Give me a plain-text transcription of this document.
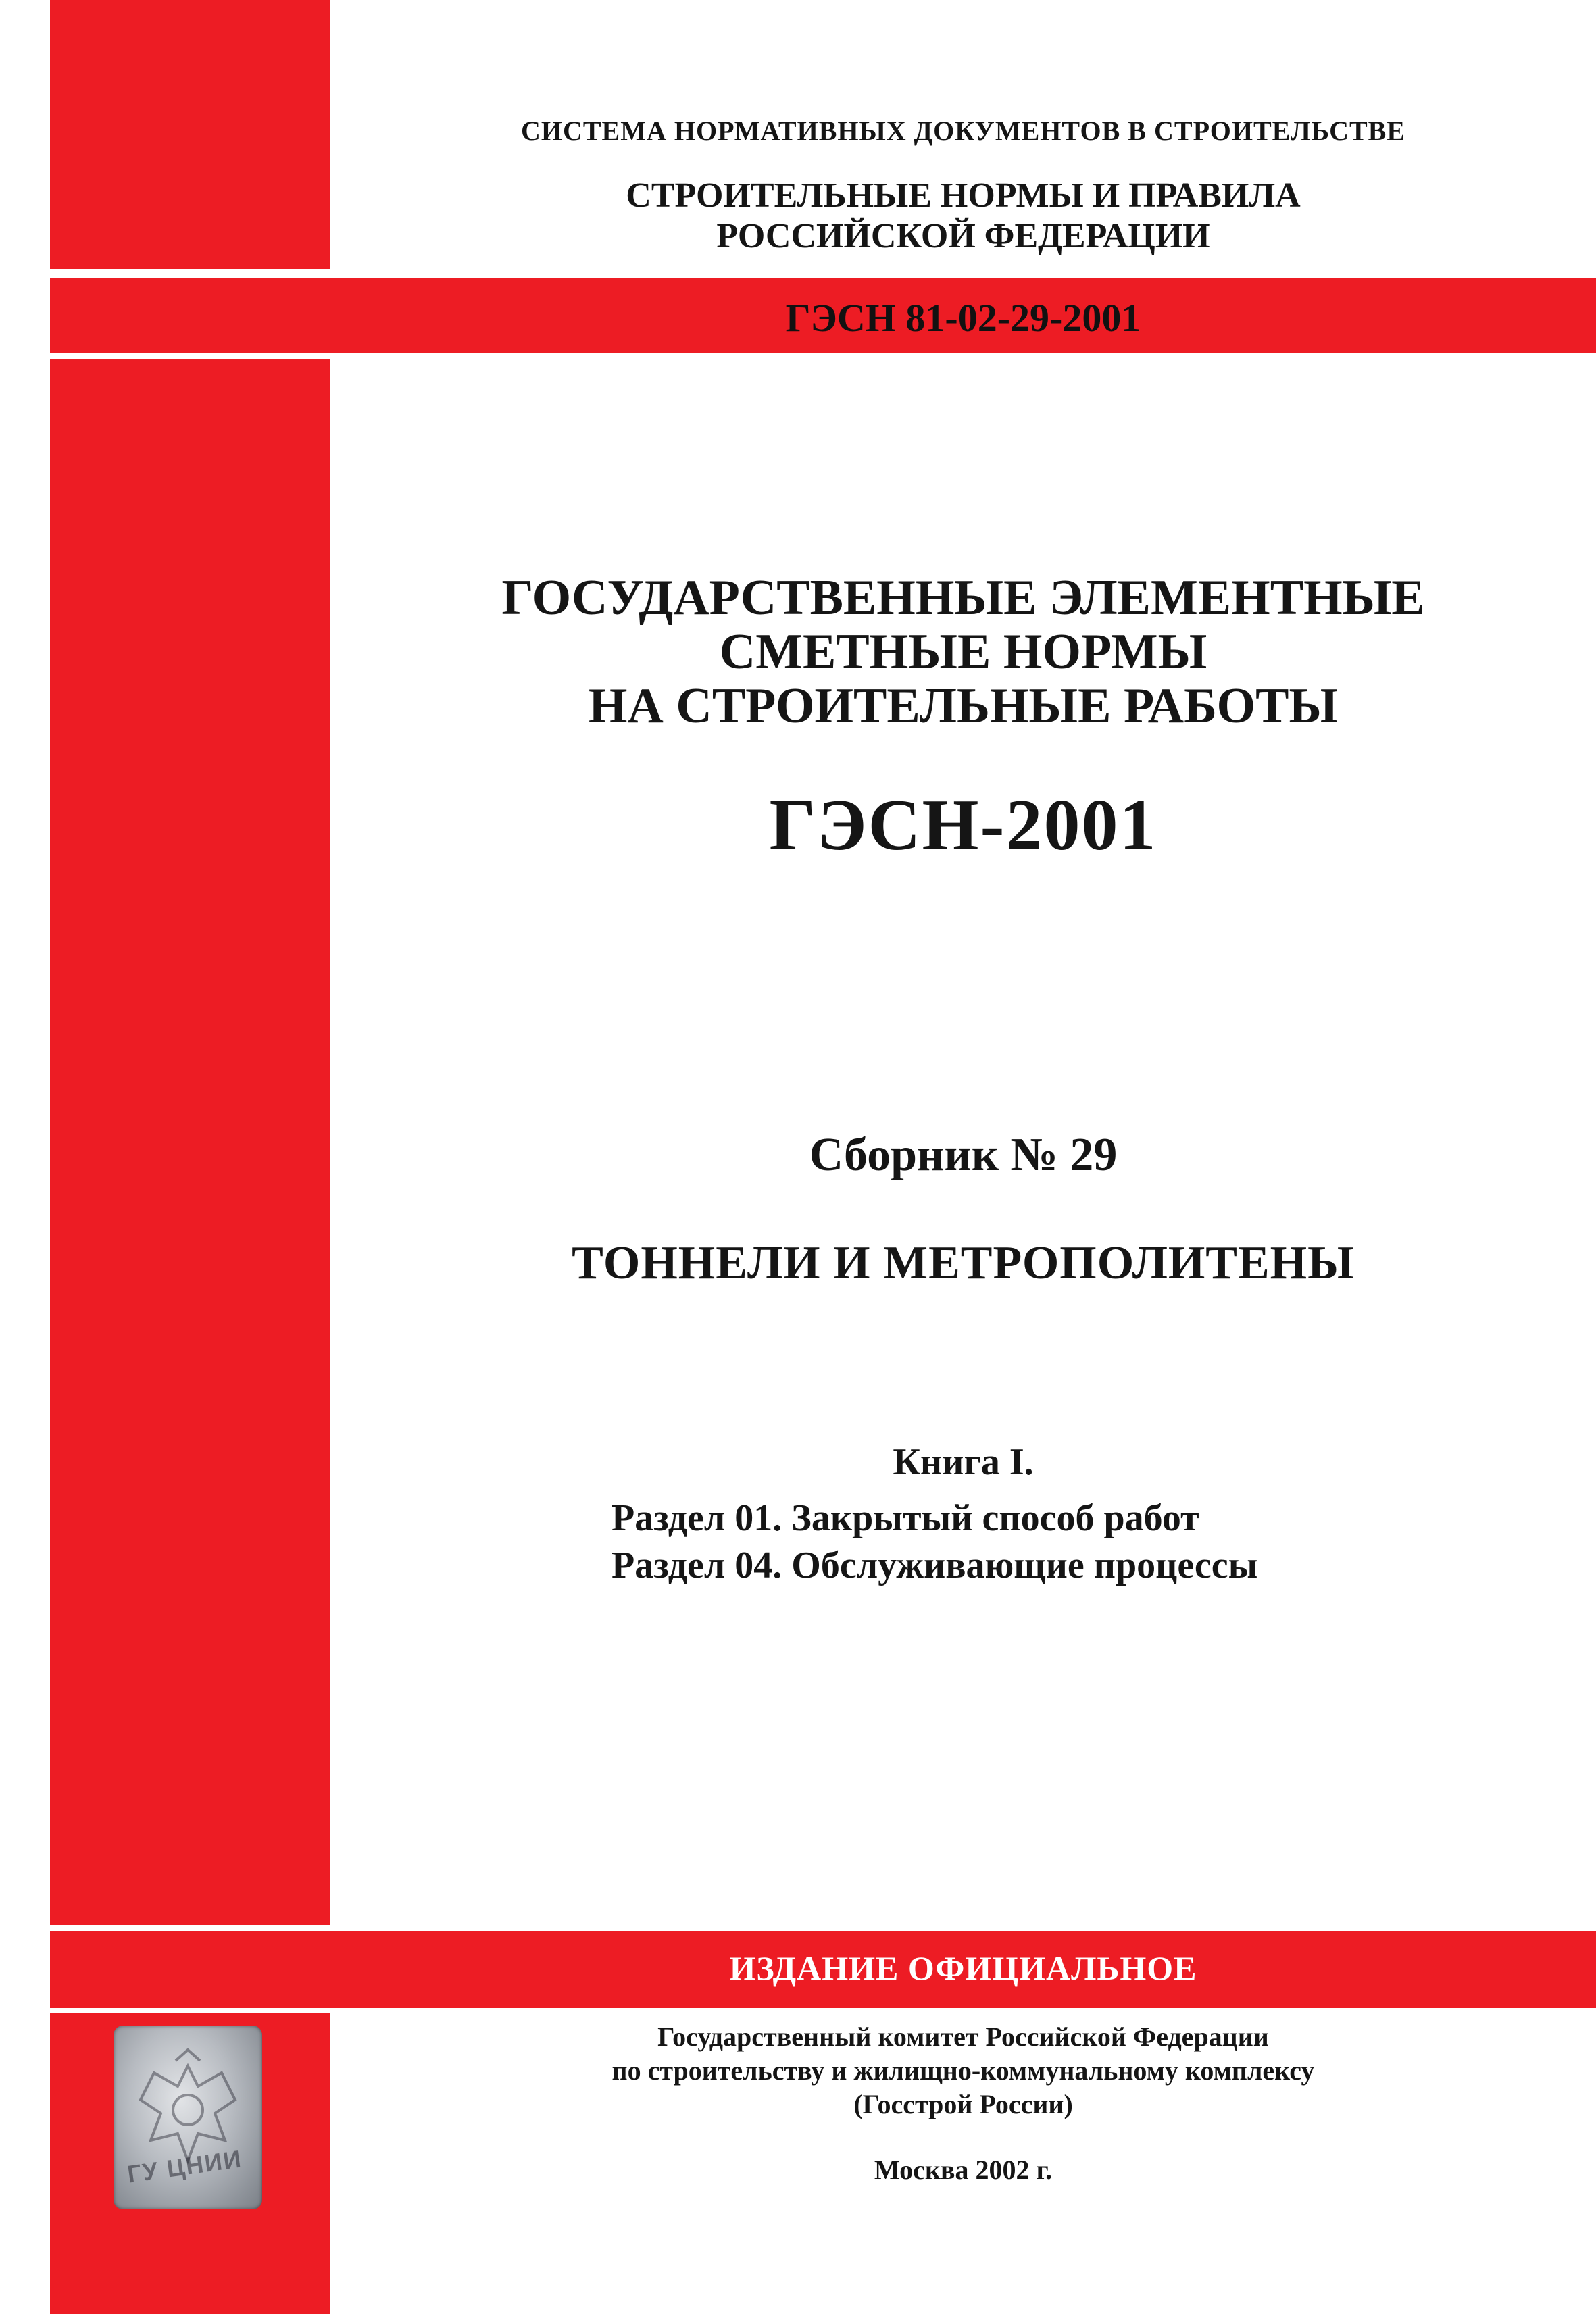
СИСТЕМА НОРМАТИВНЫХ ДОКУМЕНТОВ В СТРОИТЕЛЬСТВЕ
СТРОИТЕЛЬНЫЕ НОРМЫ И ПРАВИЛА
РОССИЙСКОЙ ФЕДЕРАЦИИ
ГЭСН 81-02-29-2001
ГОСУДАРСТВЕННЫЕ ЭЛЕМЕНТНЫЕ
СМЕТНЫЕ НОРМЫ
НА СТРОИТЕЛЬНЫЕ РАБОТЫ
ГЭСН-2001
Сборник № 29
ТОННЕЛИ И МЕТРОПОЛИТЕНЫ
Книга I.
Раздел 01. Закрытый способ работ
Раздел 04. Обслуживающие процессы
ИЗДАНИЕ ОФИЦИАЛЬНОЕ
ГУ ЦНИИ
Государственный комитет Российской Федерации
по строительству и жилищно-коммунальному комплексу
(Госстрой России)
Москва 2002 г.
